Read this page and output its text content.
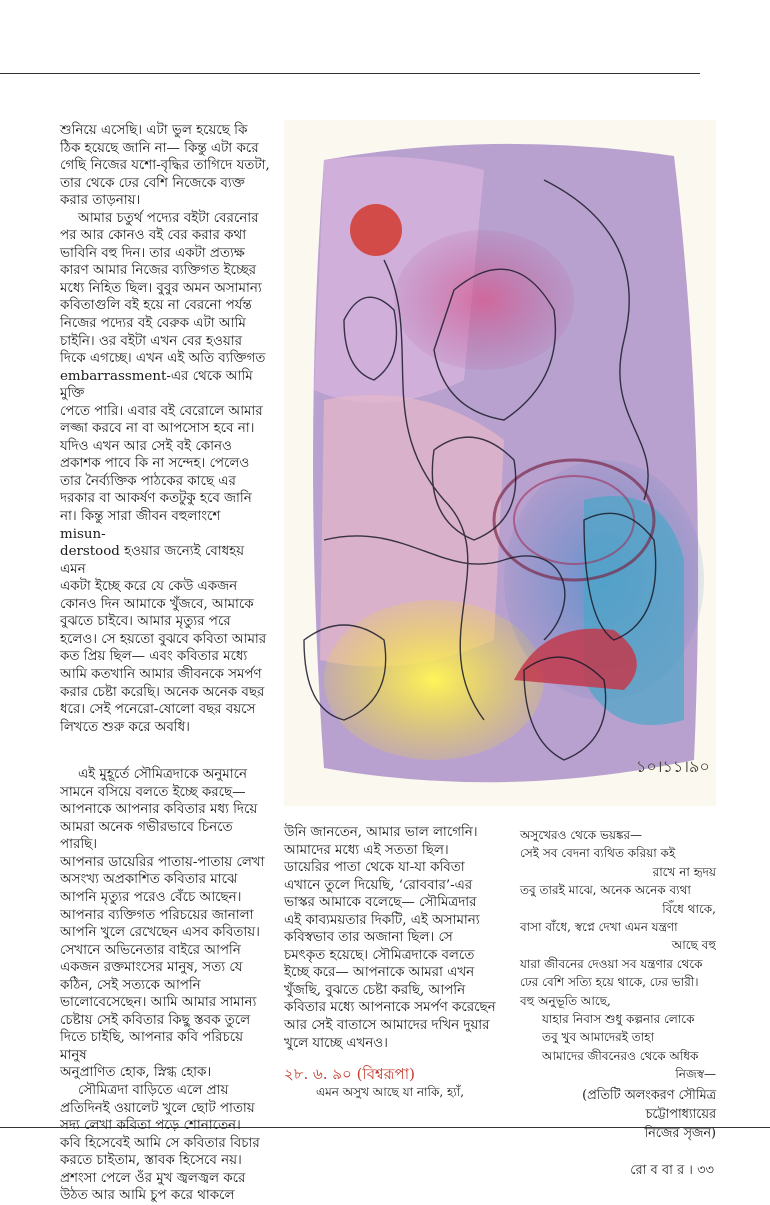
শুনিয়ে এসেছি। এটা ভুল হয়েছে কি

ঠিক হয়েছে জানি না— কিন্তু এটা করে

গেছি নিজের যশো-বৃদ্ধির তাগিদে যতটা,

তার থেকে ঢের বেশি নিজেকে ব্যক্ত

করার তাড়নায়।

আমার চতুর্থ পদ্যের বইটা বেরনোর

পর আর কোনও বই বের করার কথা

ভাবিনি বহু দিন। তার একটা প্রত্যক্ষ

কারণ আমার নিজের ব্যক্তিগত ইচ্ছের

মধ্যে নিহিত ছিল। বুবুর অমন অসামান্য

কবিতাগুলি বই হয়ে না বেরনো পর্যন্ত

নিজের পদ্যের বই বেরুক এটা আমি

চাইনি। ওর বইটা এখন বের হওয়ার

দিকে এগচ্ছে। এখন এই অতি ব্যক্তিগত

embarrassment-এর থেকে আমি মুক্তি

পেতে পারি। এবার বই বেরোলে আমার

লজ্জা করবে না বা আপসোস হবে না।

যদিও এখন আর সেই বই কোনও

প্রকাশক পাবে কি না সন্দেহ। পেলেও

তার নৈর্ব্যক্তিক পাঠকের কাছে এর

দরকার বা আকর্ষণ কতটুকু হবে জানি

না। কিন্তু সারা জীবন বহুলাংশে misun-

derstood হওয়ার জন্যেই বোধহয় এমন

একটা ইচ্ছে করে যে কেউ একজন

কোনও দিন আমাকে খুঁজবে, আমাকে

বুঝতে চাইবে। আমার মৃত্যুর পরে

হলেও। সে হয়তো বুঝবে কবিতা আমার

কত প্রিয় ছিল— এবং কবিতার মধ্যে

আমি কতখানি আমার জীবনকে সমর্পণ

করার চেষ্টা করেছি। অনেক অনেক বছর

ধরে। সেই পনেরো-ষোলো বছর বয়সে

লিখতে শুরু করে অবধি।

এই মুহূর্তে সৌমিত্রদাকে অনুমানে

সামনে বসিয়ে বলতে ইচ্ছে করছে—

আপনাকে আপনার কবিতার মধ্য দিয়ে

আমরা অনেক গভীরভাবে চিনতে পারছি।

আপনার ডায়েরির পাতায়-পাতায় লেখা

অসংখ্য অপ্রকাশিত কবিতার মাঝে

আপনি মৃত্যুর পরেও বেঁচে আছেন।

আপনার ব্যক্তিগত পরিচয়ের জানালা

আপনি খুলে রেখেছেন এসব কবিতায়।

সেখানে অভিনেতার বাইরে আপনি

একজন রক্তমাংসের মানুষ, সত্য যে

কঠিন, সেই সত্যকে আপনি

ভালোবেসেছেন। আমি আমার সামান্য

চেষ্টায় সেই কবিতার কিছু স্তবক তুলে

দিতে চাইছি, আপনার কবি পরিচয়ে মানুষ

অনুপ্রাণিত হোক, স্নিগ্ধ হোক।

সৌমিত্রদা বাড়িতে এলে প্রায়

প্রতিদিনই ওয়ালেট খুলে ছোট পাতায়

সদ্য লেখা কবিতা পড়ে শোনাতেন।

কবি হিসেবেই আমি সে কবিতার বিচার

করতে চাইতাম, স্তাবক হিসেবে নয়।

প্রশংসা পেলে ওঁর মুখ জ্বলজ্বল করে

উঠত আর আমি চুপ করে থাকলে

১০।১১।৯০

উনি জানতেন, আমার ভাল লাগেনি।

আমাদের মধ্যে এই সততা ছিল।

ডায়েরির পাতা থেকে যা-যা কবিতা

এখানে তুলে দিয়েছি, ‘রোববার’-এর

ভাস্কর আমাকে বলেছে— সৌমিত্রদার

এই কাব্যময়তার দিকটি, এই অসামান্য

কবিস্বভাব তার অজানা ছিল। সে

চমৎকৃত হয়েছে। সৌমিত্রদাকে বলতে

ইচ্ছে করে— আপনাকে আমরা এখন

খুঁজছি, বুঝতে চেষ্টা করছি, আপনি

কবিতার মধ্যে আপনাকে সমর্পণ করেছেন

আর সেই বাতাসে আমাদের দখিন দুয়ার

খুলে যাচ্ছে এখনও।

২৮. ৬. ৯০ (বিশ্বরূপা)
এমন অসুখ আছে যা নাকি, হ্যাঁ,

অসুখেরও থেকে ভয়ঙ্কর—

সেই সব বেদনা ব্যথিত করিয়া কই

রাখে না হৃদয়

তবু তারই মাঝে, অনেক অনেক ব্যথা

বিঁধে থাকে,

বাসা বাঁধে, স্বপ্নে দেখা এমন যন্ত্রণা

আছে বহু

যারা জীবনের দেওয়া সব যন্ত্রণার থেকে

ঢের বেশি সত্যি হয়ে থাকে, ঢের ভারী।

বহু অনুভূতি আছে,

যাহার নিবাস শুধু কল্পনার লোকে

তবু খুব আমাদেরই তাহা

আমাদের জীবনেরও থেকে অধিক

নিজস্ব—

(প্রতিটি অলংকরণ সৌমিত্র চট্টোপাধ্যায়ের

নিজের সৃজন)

রো ব বা র । ৩৩
